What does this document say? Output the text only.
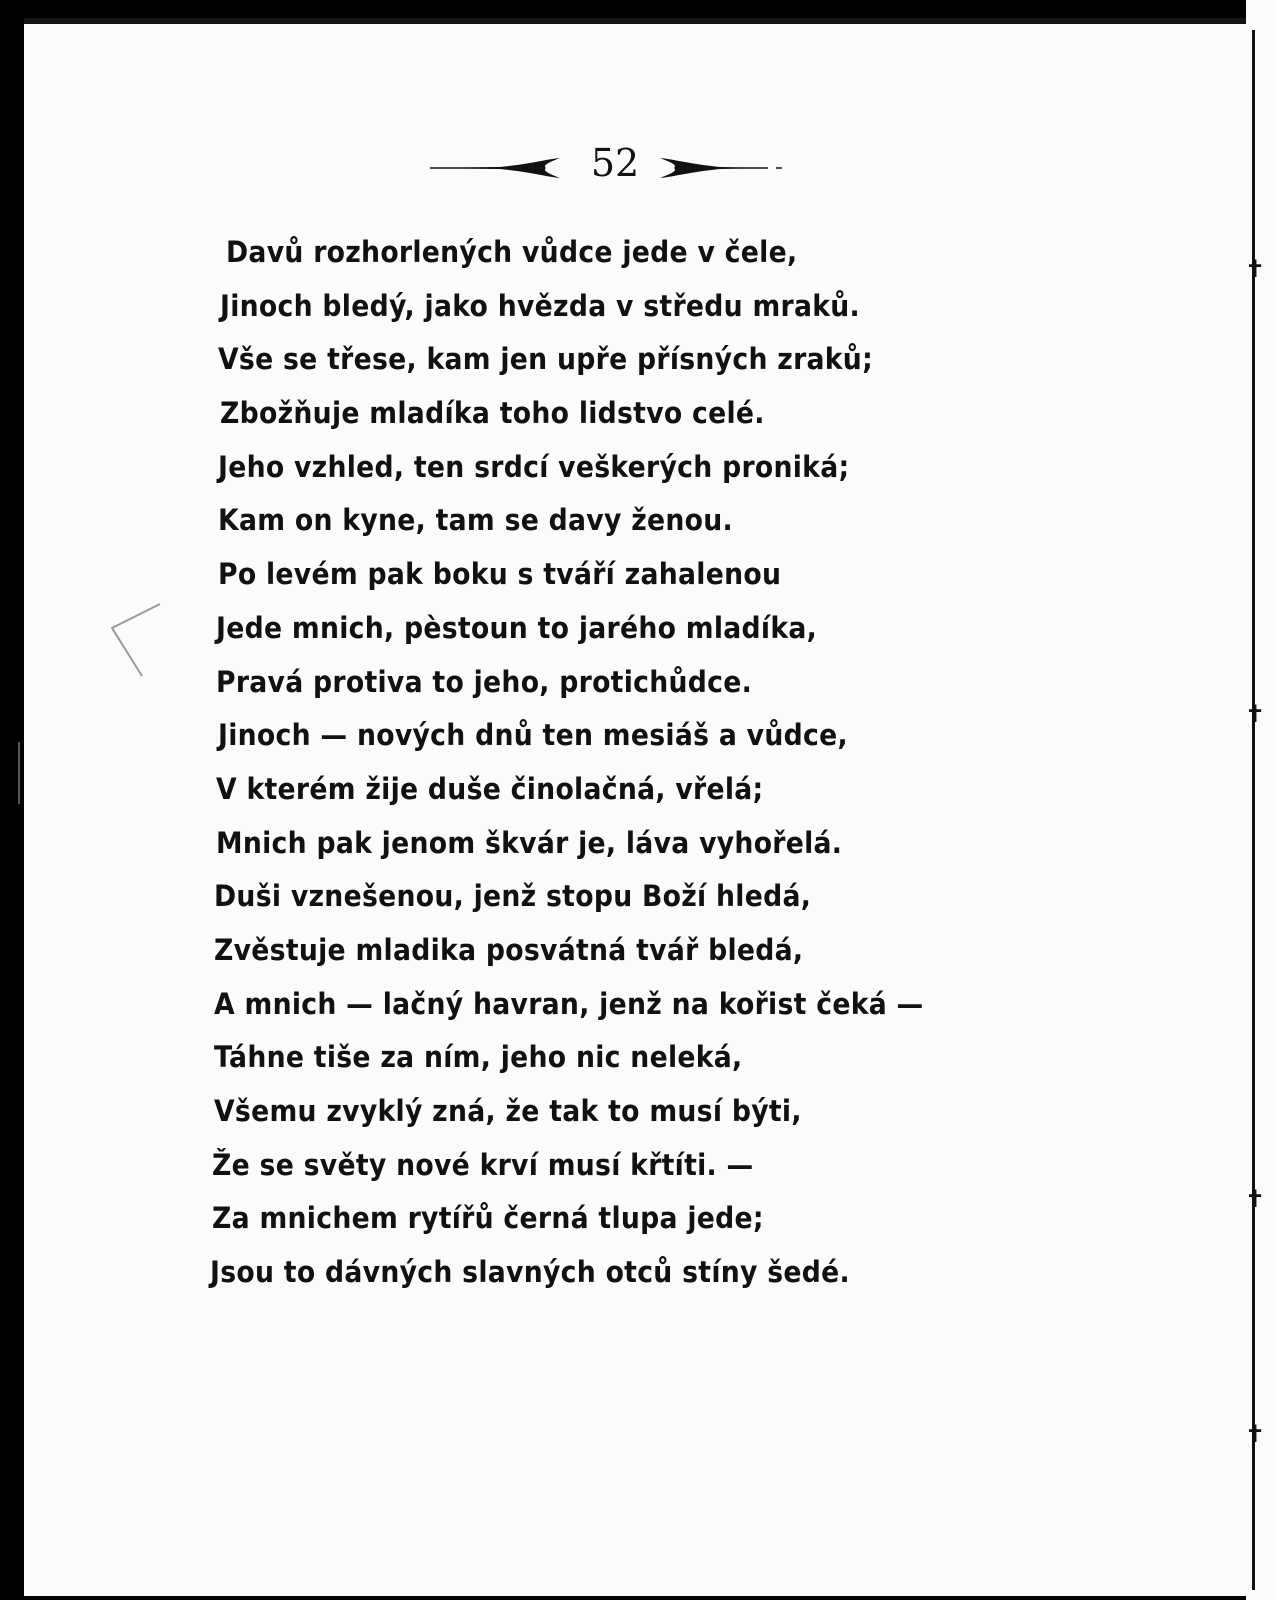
✝
✝
✝
✝
52
Davů rozhorlených vůdce jede v čele,
Jinoch bledý, jako hvězda v středu mraků.
Vše se třese, kam jen upře přísných zraků;
Zbožňuje mladíka toho lidstvo celé.
Jeho vzhled, ten srdcí veškerých proniká;
Kam on kyne, tam se davy ženou.
Po levém pak boku s tváří zahalenou
Jede mnich, pèstoun to jarého mladíka,
Pravá protiva to jeho, protichůdce.
Jinoch — nových dnů ten mesiáš a vůdce,
V kterém žije duše činolačná, vřelá;
Mnich pak jenom škvár je, láva vyhořelá.
Duši vznešenou, jenž stopu Boží hledá,
Zvěstuje mladika posvátná tvář bledá,
A mnich — lačný havran, jenž na kořist čeká —
Táhne tiše za ním, jeho nic neleká,
Všemu zvyklý zná, že tak to musí býti,
Že se světy nové krví musí křtíti. —
Za mnichem rytířů černá tlupa jede;
Jsou to dávných slavných otců stíny šedé.
